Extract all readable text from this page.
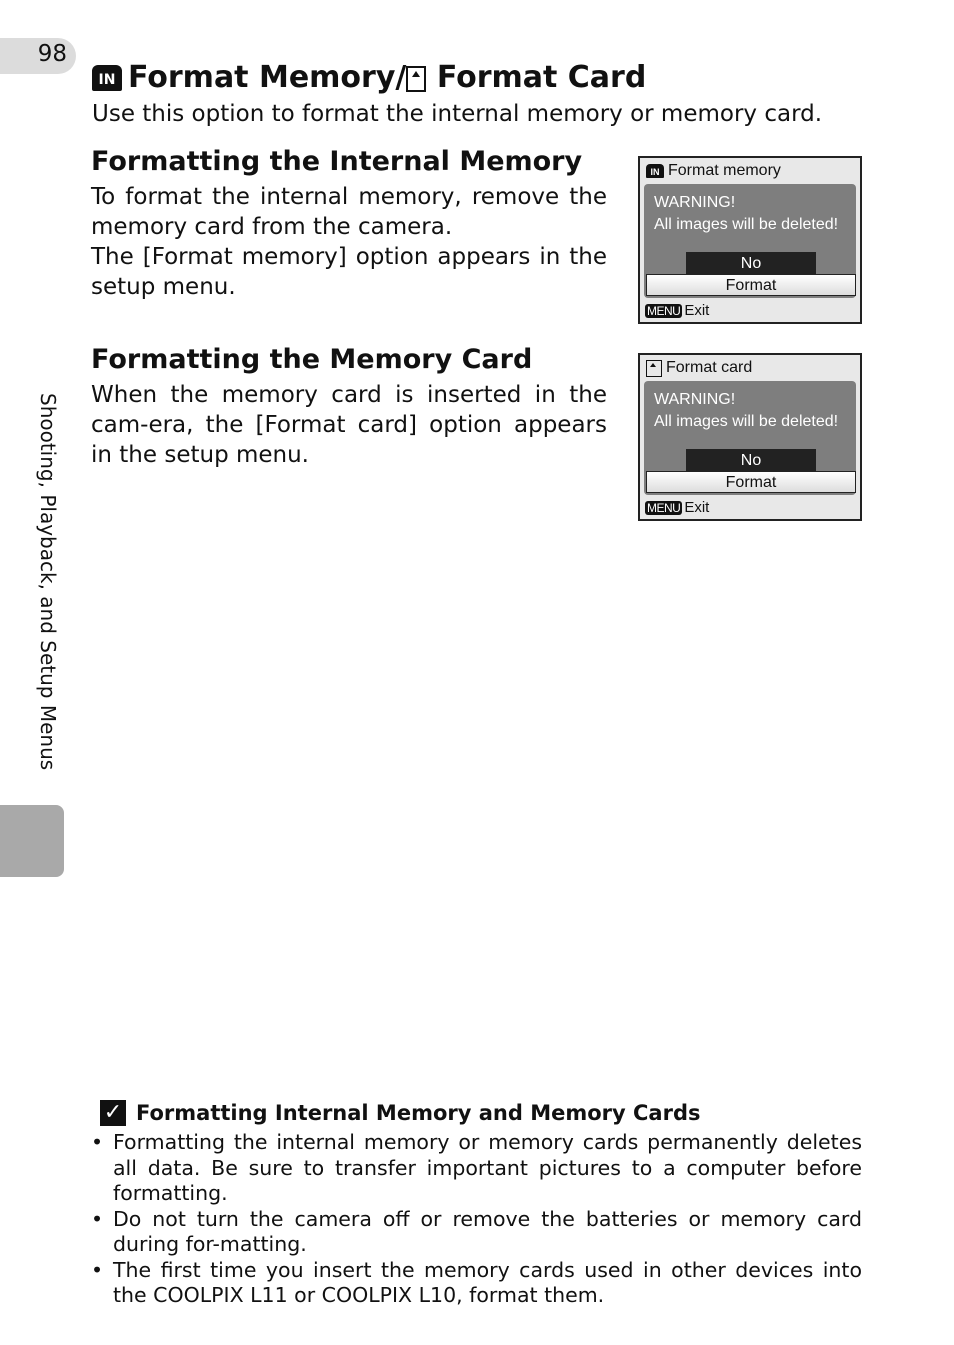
98
IN Format Memory/ Format Card
Use this option to format the internal memory or memory card.
Formatting the Internal Memory
To format the internal memory, remove the memory card from the camera.
The [Format memory] option appears in the setup menu.
Formatting the Memory Card
When the memory card is inserted in the cam-era, the [Format card] option appears in the setup menu.
IN Format memory
WARNING!
All images will be deleted!
No
Format
MENU Exit
Format card
WARNING!
All images will be deleted!
No
Format
MENU Exit
Shooting, Playback, and Setup Menus
✓ Formatting Internal Memory and Memory Cards
• Formatting the internal memory or memory cards permanently deletes all data. Be sure to transfer important pictures to a computer before formatting.
• Do not turn the camera off or remove the batteries or memory card during for-matting.
• The first time you insert the memory cards used in other devices into the COOLPIX L11 or COOLPIX L10, format them.
